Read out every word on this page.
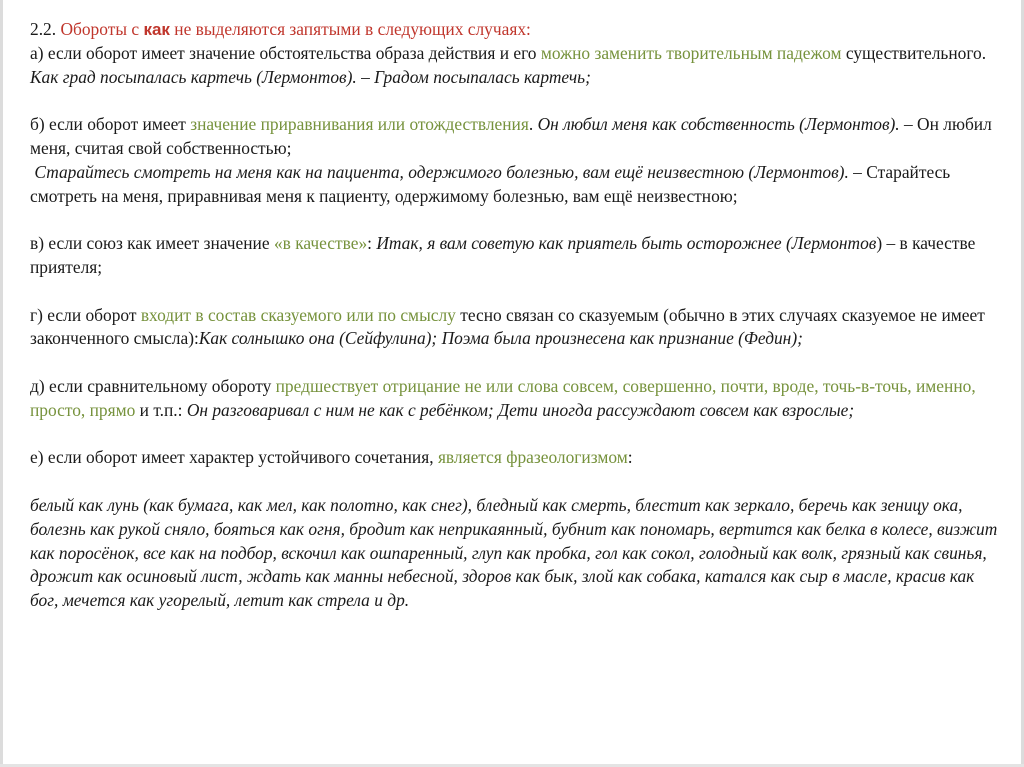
2.2. Обороты с как не выделяются запятыми в следующих случаях:

а) если оборот имеет значение обстоятельства образа действия и его можно заменить творительным падежом существительного. Как град посыпалась картечь (Лермонтов). – Градом посыпалась картечь;

б) если оборот имеет значение приравнивания или отождествления. Он любил меня как собственность (Лермонтов). – Он любил меня, считая свой собственностью;

Старайтесь смотреть на меня как на пациента, одержимого болезнью, вам ещё неизвестною (Лермонтов). – Старайтесь смотреть на меня, приравнивая меня к пациенту, одержимому болезнью, вам ещё неизвестною;

в) если союз как имеет значение «в качестве»: Итак, я вам советую как приятель быть осторожнее (Лермонтов) – в качестве приятеля;

г) если оборот входит в состав сказуемого или по смыслу тесно связан со сказуемым (обычно в этих случаях сказуемое не имеет законченного смысла):Как солнышко она (Сейфулина); Поэма была произнесена как признание (Федин);

д) если сравнительному обороту предшествует отрицание не или слова совсем, совершенно, почти, вроде, точь-в-точь, именно, просто, прямо и т.п.: Он разговаривал с ним не как с ребёнком; Дети иногда рассуждают совсем как взрослые;

е) если оборот имеет характер устойчивого сочетания, является фразеологизмом:

белый как лунь (как бумага, как мел, как полотно, как снег), бледный как смерть, блестит как зеркало, беречь как зеницу ока, болезнь как рукой сняло, бояться как огня, бродит как неприкаянный, бубнит как пономарь, вертится как белка в колесе, визжит как поросёнок, все как на подбор, вскочил как ошпаренный, глуп как пробка, гол как сокол, голодный как волк, грязный как свинья, дрожит как осиновый лист, ждать как манны небесной, здоров как бык, злой как собака, катался как сыр в масле, красив как бог, мечется как угорелый, летит как стрела и др.
